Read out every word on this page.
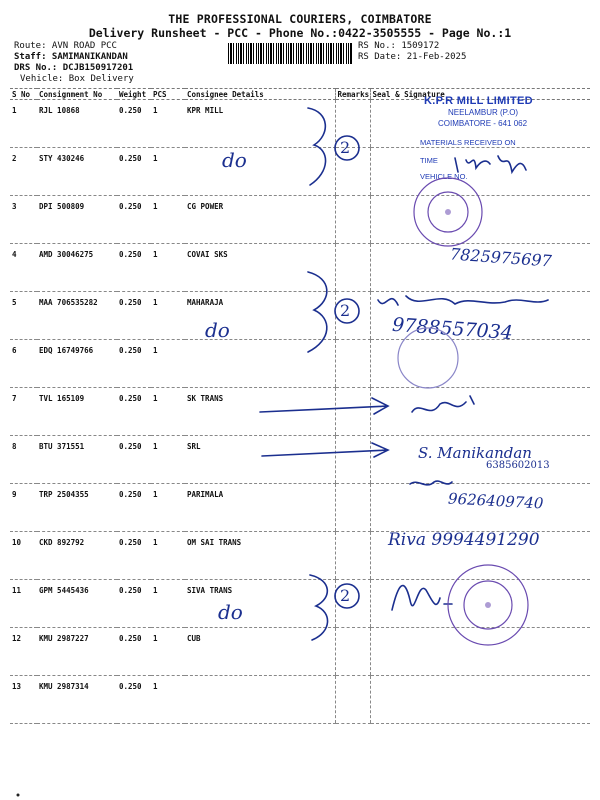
THE PROFESSIONAL COURIERS, COIMBATORE
Delivery Runsheet - PCC - Phone No.:0422-3505555 - Page No.:1
Route: AVN ROAD PCC
Staff: SAMIMANIKANDAN
DRS No.: DCJB150917201
Vehicle: Box Delivery
RS No.: 1509172
RS Date: 21-Feb-2025
S No	Consignment No	Weight	PCS	Consignee Details	Remarks	Seal & Signature
1	RJL 10868	0.250	1	KPR MILL		
2	STY 430246	0.250	1			
3	DPI 500809	0.250	1	CG POWER		
4	AMD 30046275	0.250	1	COVAI SKS		
5	MAA 706535282	0.250	1	MAHARAJA		
6	EDQ 16749766	0.250	1			
7	TVL 165109	0.250	1	SK TRANS		
8	BTU 371551	0.250	1	SRL		
9	TRP 2504355	0.250	1	PARIMALA		
10	CKD 892792	0.250	1	OM SAI TRANS		
11	GPM 5445436	0.250	1	SIVA TRANS		
12	KMU 2987227	0.250	1	CUB		
13	KMU 2987314	0.250	1			
K.P.R MILL LIMITED
NEELAMBUR (P.O)
COIMBATORE - 641 062
MATERIALS RECEIVED ON
TIME
VEHICLE NO.
do
do
do
2
2
2
7825975697
9788557034
S. Manikandan
6385602013
9626409740
Riva 9994491290
